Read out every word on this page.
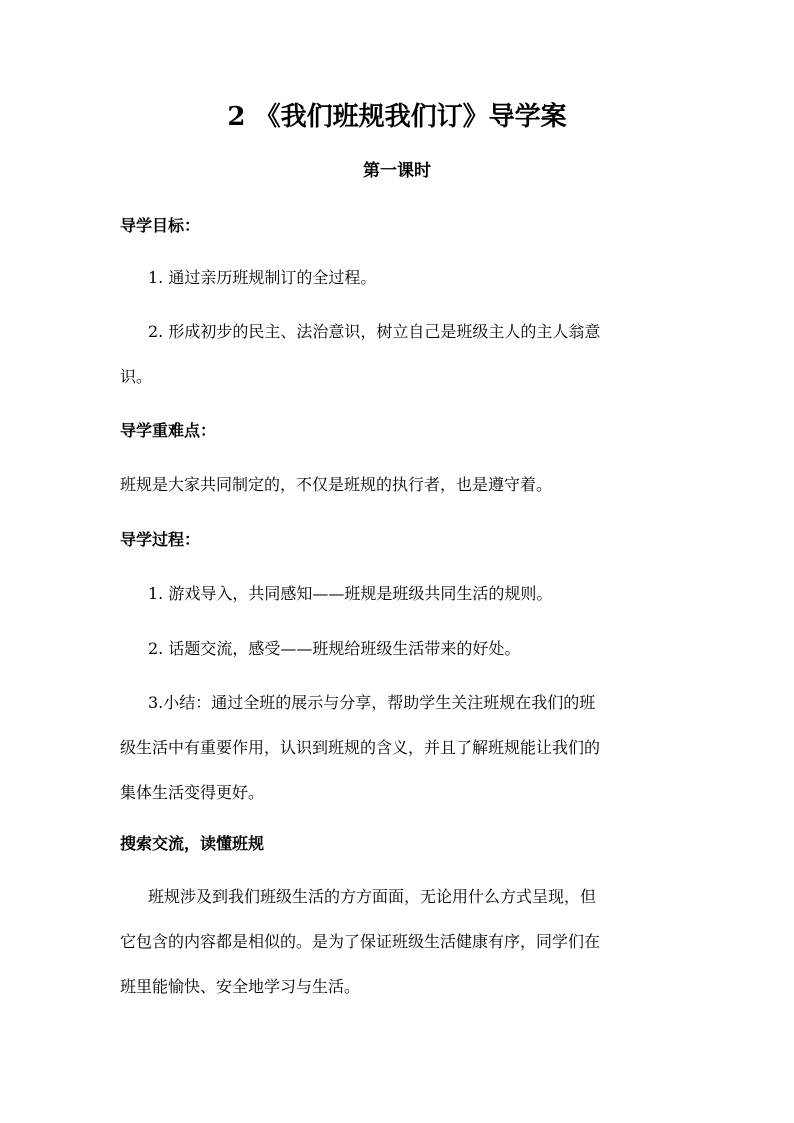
2 《我们班规我们订》导学案
第一课时
导学目标：
1. 通过亲历班规制订的全过程。
2. 形成初步的民主、法治意识，树立自己是班级主人的主人翁意
识。
导学重难点：
班规是大家共同制定的，不仅是班规的执行者，也是遵守着。
导学过程：
1. 游戏导入，共同感知——班规是班级共同生活的规则。
2. 话题交流，感受——班规给班级生活带来的好处。
3.小结：通过全班的展示与分享，帮助学生关注班规在我们的班
级生活中有重要作用，认识到班规的含义，并且了解班规能让我们的
集体生活变得更好。
搜索交流，读懂班规
班规涉及到我们班级生活的方方面面，无论用什么方式呈现，但
它包含的内容都是相似的。是为了保证班级生活健康有序，同学们在
班里能愉快、安全地学习与生活。
